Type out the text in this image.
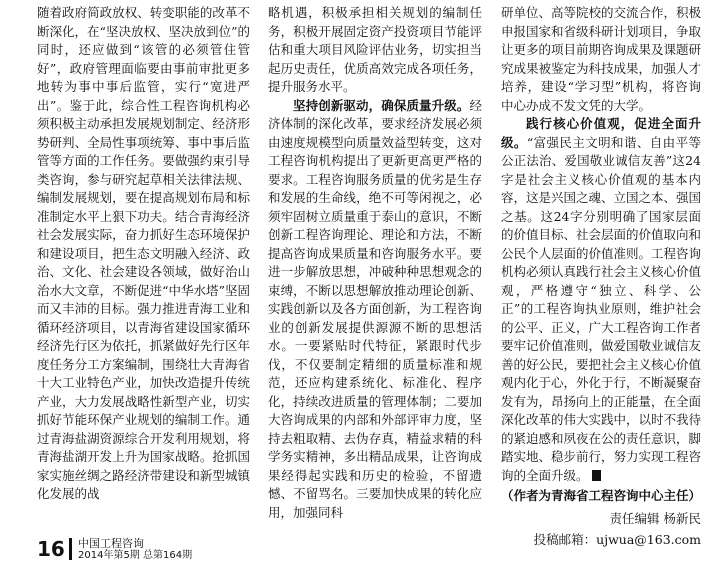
随着政府简政放权、转变职能的改革不断深化，在“坚决放权、坚决放到位”的同时，还应做到“该管的必须管住管好”，政府管理面临要由事前审批更多地转为事中事后监管，实行“宽进严出”。鉴于此，综合性工程咨询机构必须积极主动承担发展规划制定、经济形势研判、全局性事项统筹、事中事后监管等方面的工作任务。要做强约束引导类咨询，参与研究起草相关法律法规、编制发展规划，要在提高规划布局和标准制定水平上狠下功夫。结合青海经济社会发展实际，奋力抓好生态环境保护和建设项目，把生态文明融入经济、政治、文化、社会建设各领域，做好治山治水大文章，不断促进“中华水塔”坚固而又丰沛的目标。强力推进青海工业和循环经济项目，以青海省建设国家循环经济先行区为依托，抓紧做好先行区年度任务分工方案编制，围绕壮大青海省十大工业特色产业，加快改造提升传统产业，大力发展战略性新型产业，切实抓好节能环保产业规划的编制工作。通过青海盐湖资源综合开发利用规划，将青海盐湖开发上升为国家战略。抢抓国家实施丝绸之路经济带建设和新型城镇化发展的战

略机遇，积极承担相关规划的编制任务，积极开展固定资产投资项目节能评估和重大项目风险评估业务，切实担当起历史责任，优质高效完成各项任务，提升服务水平。

坚持创新驱动，确保质量升级。经济体制的深化改革，要求经济发展必须由速度规模型向质量效益型转变，这对工程咨询机构提出了更新更高更严格的要求。工程咨询服务质量的优劣是生存和发展的生命线，绝不可等闲视之，必须牢固树立质量重于泰山的意识，不断创新工程咨询理论、理论和方法，不断提高咨询成果质量和咨询服务水平。要进一步解放思想，冲破种种思想观念的束缚，不断以思想解放推动理论创新、实践创新以及各方面创新，为工程咨询业的创新发展提供源源不断的思想活水。一要紧贴时代特征，紧跟时代步伐，不仅要制定精细的质量标准和规范，还应构建系统化、标准化、程序化，持续改进质量的管理体制；二要加大咨询成果的内部和外部评审力度，坚持去粗取精、去伪存真，精益求精的科学务实精神，多出精品成果，让咨询成果经得起实践和历史的检验，不留遗憾、不留骂名。三要加快成果的转化应用，加强同科

研单位、高等院校的交流合作，积极申报国家和省级科研计划项目，争取让更多的项目前期咨询成果及课题研究成果被鉴定为科技成果，加强人才培养，建设“学习型”机构，将咨询中心办成不发文凭的大学。

践行核心价值观，促进全面升级。“富强民主文明和谐、自由平等公正法治、爱国敬业诚信友善”这24字是社会主义核心价值观的基本内容，这是兴国之魂、立国之本、强国之基。这24字分别明确了国家层面的价值目标、社会层面的价值取向和公民个人层面的价值准则。工程咨询机构必须认真践行社会主义核心价值观，严格遵守“独立、科学、公正”的工程咨询执业原则，维护社会的公平、正义，广大工程咨询工作者要牢记价值准则，做爱国敬业诚信友善的好公民，要把社会主义核心价值观内化于心，外化于行，不断凝聚奋发有为，昂扬向上的正能量，在全面深化改革的伟大实践中，以时不我待的紧迫感和夙夜在公的责任意识，脚踏实地、稳步前行，努力实现工程咨询的全面升级。

（作者为青海省工程咨询中心主任）

责任编辑 杨新民

投稿邮箱：ujwua@163.com

16 中国工程咨询
2014年第5期 总第164期
